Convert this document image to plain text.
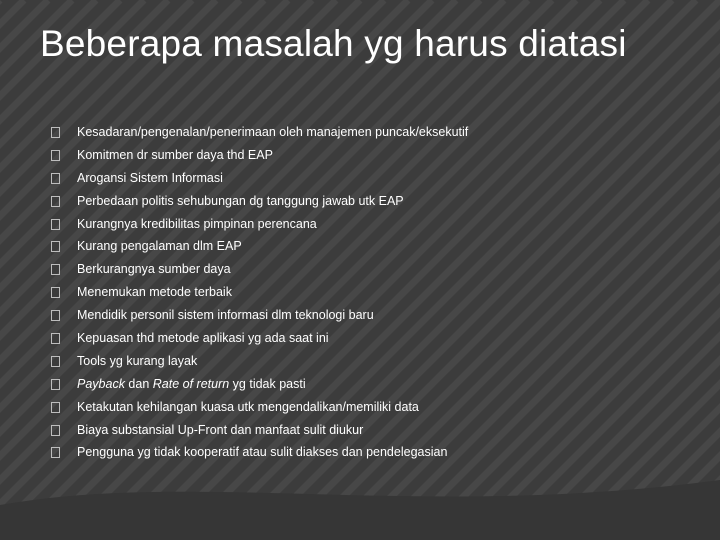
Beberapa masalah yg harus diatasi
Kesadaran/pengenalan/penerimaan oleh manajemen puncak/eksekutif
Komitmen dr sumber daya thd EAP
Arogansi Sistem Informasi
Perbedaan politis sehubungan dg tanggung jawab utk EAP
Kurangnya kredibilitas pimpinan perencana
Kurang pengalaman dlm EAP
Berkurangnya sumber daya
Menemukan metode terbaik
Mendidik personil sistem informasi dlm teknologi baru
Kepuasan thd metode aplikasi yg ada saat ini
Tools yg kurang layak
Payback dan Rate of return yg tidak pasti
Ketakutan kehilangan kuasa utk mengendalikan/memiliki data
Biaya substansial Up-Front dan manfaat sulit diukur
Pengguna yg tidak kooperatif atau sulit diakses dan pendelegasian
